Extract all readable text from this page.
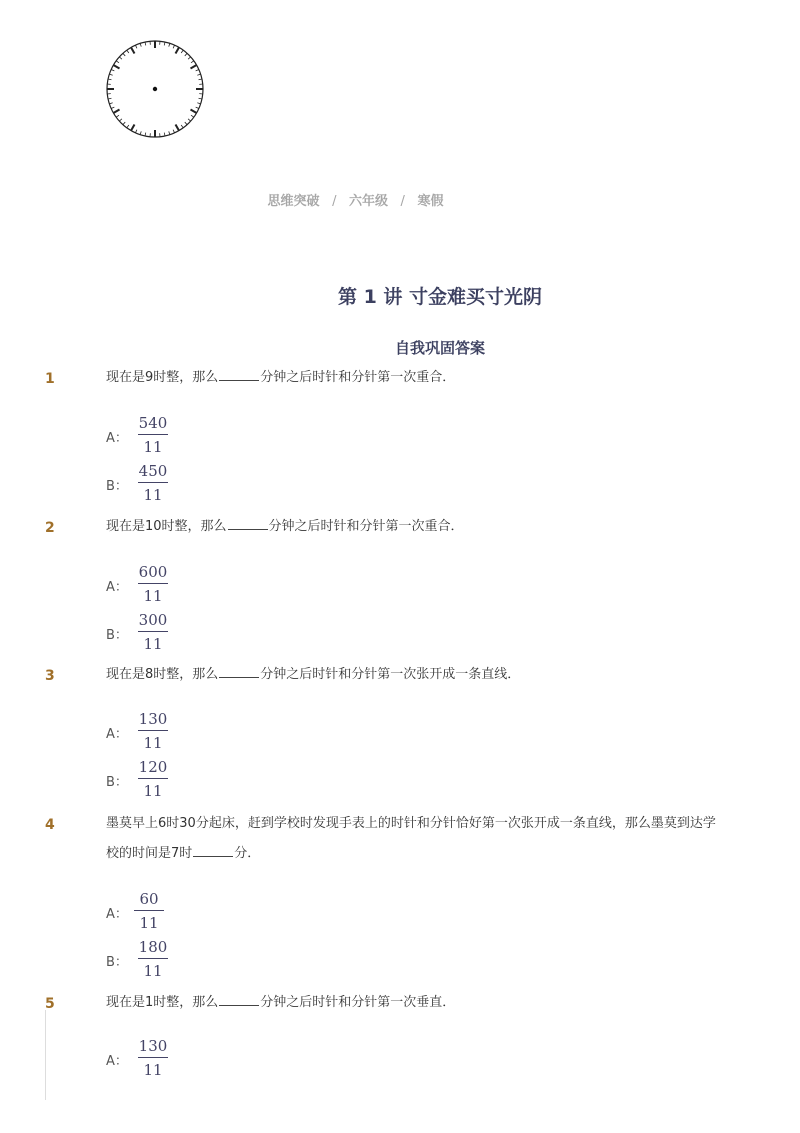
思维突破 / 六年级 / 寒假
第 1 讲 寸金难买寸光阴
自我巩固答案
1	现在是9时整，那么	分钟之后时针和分针第一次重合．
A：
540
11
B：
450
11
2	现在是10时整，那么	分钟之后时针和分针第一次重合．
A：
600
11
B：
300
11
3	现在是8时整，那么	分钟之后时针和分针第一次张开成一条直线．
A：
130
11
B：
120
11
4	墨莫早上6时30分起床，赶到学校时发现手表上的时针和分针恰好第一次张开成一条直线，那么墨莫到达学校的时间是7时	分．
A：
60
11
B：
180
11
5	现在是1时整，那么	分钟之后时针和分针第一次垂直．
A：
130
11
